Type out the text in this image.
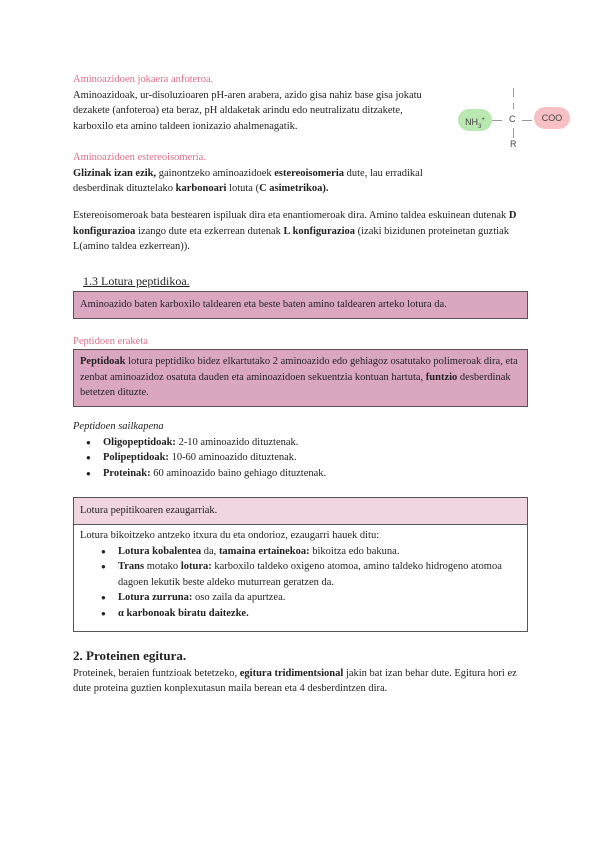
Aminoazidoen jokaera anfoteroa.

Aminoazidoak, ur-disoluzioaren pH-aren arabera, azido gisa nahiz base gisa jokatu dezakete (anfoteroa) eta beraz, pH aldaketak arindu edo neutralizatu ditzakete, karboxilo eta amino taldeen ionizazio ahalmenagatik.	$NH_3^+$	C
R
COO

Aminoazidoen estereoisomeria.

Glizinak izan ezik, gainontzeko aminoazidoek estereoisomeria dute, lau erradikal desberdinak dituztelako karbonoari lotuta (C asimetrikoa).

Estereoisomeroak bata bestearen ispiluak dira eta enantiomeroak dira. Amino taldea eskuinean dutenak D konfigurazioa izango dute eta ezkerrean dutenak L konfigurazioa (izaki bizidunen proteinetan guztiak L(amino taldea ezkerrean)).

1.3 Lotura peptidikoa.

Aminoazido baten karboxilo taldearen eta beste baten amino taldearen arteko lotura da.

Peptidoen eraketa

Peptidoak lotura peptidiko bidez elkartutako 2 aminoazido edo gehiagoz osatutako polimeroak dira, eta zenbat aminoazidoz osatuta dauden eta aminoazidoen sekuentzia kontuan hartuta, funtzio desberdinak betetzen dituzte.

Peptidoen sailkapena

● Oligopeptidoak: 2-10 aminoazido dituztenak.
● Polipeptidoak: 10-60 aminoazido dituztenak.
● Proteinak: 60 aminoazido baino gehiago dituztenak.

Lotura pepitikoaren ezaugarriak.

Lotura bikoitzeko antzeko itxura du eta ondorioz, ezaugarri hauek ditu:

● Lotura kobalentea da, tamaina ertainekoa: bikoitza edo bakuna.
● Trans motako lotura: karboxilo taldeko oxigeno atomoa, amino taldeko hidrogeno atomoa dagoen lekutik beste aldeko muturrean geratzen da.
● Lotura zurruna: oso zaila da apurtzea.
● α karbonoak biratu daitezke.

2. Proteinen egitura.

Proteinek, beraien funtzioak betetzeko, egitura tridimentsional jakin bat izan behar dute. Egitura hori ez dute proteina guztien konplexutasun maila berean eta 4 desberdintzen dira.
